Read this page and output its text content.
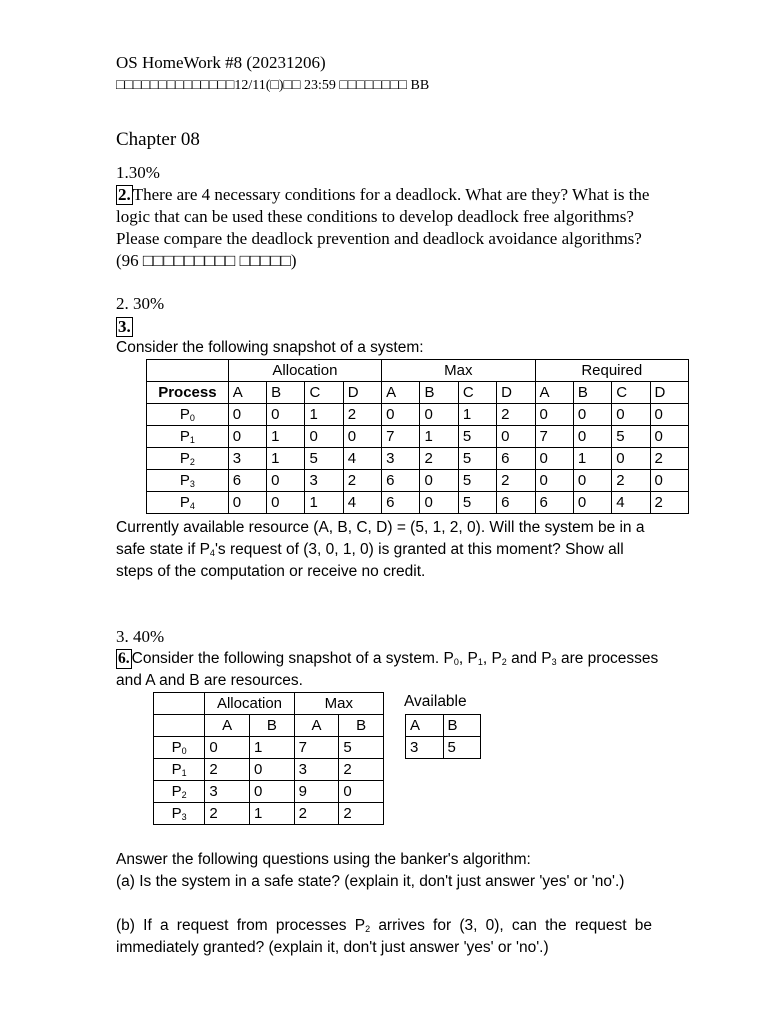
OS HomeWork #8 (20231206)
□□□□□□□□□□□□□□12/11(□)□□ 23:59 □□□□□□□□ BB
Chapter 08
1.30%
2. There are 4 necessary conditions for a deadlock. What are they? What is the logic that can be used these conditions to develop deadlock free algorithms? Please compare the deadlock prevention and deadlock avoidance algorithms? (96 □□□□□□□□□ □□□□□)
2. 30%
3.
Consider the following snapshot of a system:
	Allocation				Max				Required			
Process	A	B	C	D	A	B	C	D	A	B	C	D
$P_0$	0	0	1	2	0	0	1	2	0	0	0	0
$P_1$	0	1	0	0	7	1	5	0	7	0	5	0
$P_2$	3	1	5	4	3	2	5	6	0	1	0	2
$P_3$	6	0	3	2	6	0	5	2	0	0	2	0
$P_4$	0	0	1	4	6	0	5	6	6	0	4	2
Currently available resource (A, B, C, D) = (5, 1, 2, 0). Will the system be in a safe state if $P_4's$ request of (3, 0, 1, 0) is granted at this moment? Show all steps of the computation or receive no credit.
3. 40%
6. Consider the following snapshot of a system. $P_0$, $P_1$, $P_2$ and $P_3$ are processes and A and B are resources.
	Allocation		Max	
	A	B	A	B
$P_0$	0	1	7	5
$P_1$	2	0	3	2
$P_2$	3	0	9	0
$P_3$	2	1	2	2
Available
A	B
3	5
Answer the following questions using the banker's algorithm:
(a) Is the system in a safe state? (explain it, don't just answer 'yes' or 'no'.)
(b) If a request from processes $P_2$ arrives for (3, 0), can the request be immediately granted? (explain it, don't just answer 'yes' or 'no'.)
